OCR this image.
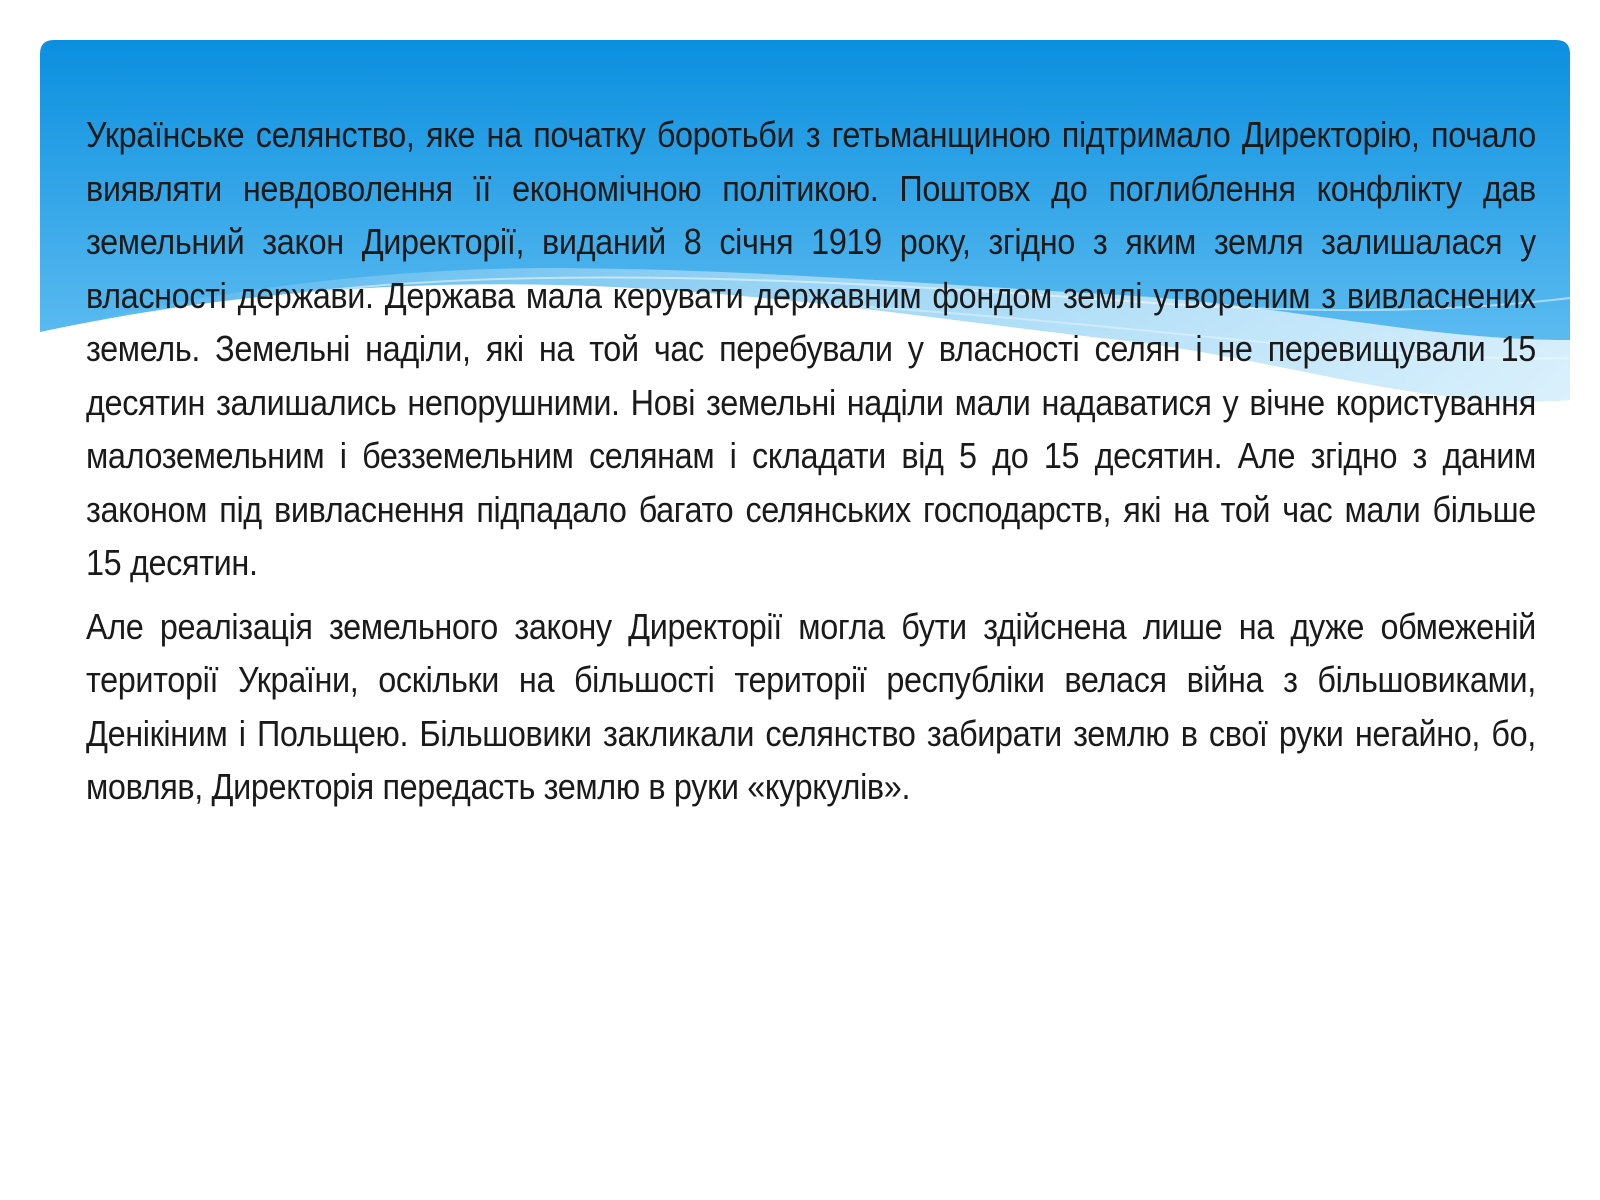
Українське селянство, яке на початку боротьби з гетьманщиною підтримало Директорію, почало виявляти невдоволення її економічною політикою. Поштовх до поглиблення конфлікту дав земельний закон Директорії, виданий 8 січня 1919 року, згідно з яким земля залишалася у власності держави. Держава мала керувати державним фондом землі утвореним з вивласнених земель. Земельні наділи, які на той час перебували у власності селян і не перевищували 15 десятин залишались непорушними. Нові земельні наділи мали надаватися у вічне користування малоземельним і безземельним селянам і складати від 5 до 15 десятин. Але згідно з даним законом під вивласнення підпадало багато селянських господарств, які на той час мали більше 15 десятин.

Але реалізація земельного закону Директорії могла бути здійснена лише на дуже обмеженій території України, оскільки на більшості території республіки велася війна з більшовиками, Денікіним і Польщею. Більшовики закликали селянство забирати землю в свої руки негайно, бо, мовляв, Директорія передасть землю в руки «куркулів».
